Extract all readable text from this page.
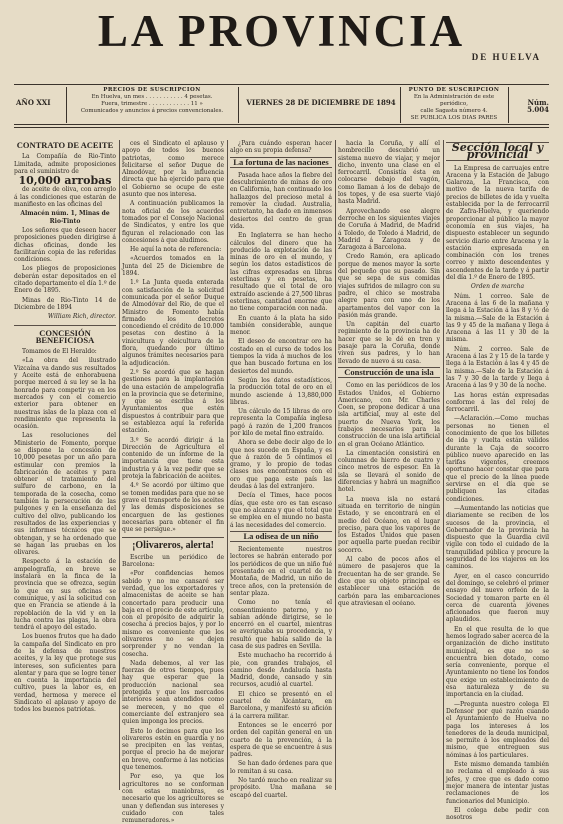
LA PROVINCIA
DE HUELVA
AÑO XXI
PRECIOS DE SUSCRIPCION
En Huelva, un mes . . . . . . . . . . . 4 pesetas.
Fuera, trimestre . . . . . . . . . . . . 11 »
Comunicados y anuncios á precios convencionales.
VIERNES 28 DE DICIEMBRE DE 1894
PUNTO DE SUSCRIPCION
En la Administración de este periódico,
calle Sagasta número 4.
SE PUBLICA LOS DIAS PARES
Núm. 5.004
CONTRATO DE ACEITE

La Compañía de Rio-Tinto Limitada, admite proposiciones para el suministro de

10,000 arrobas

de aceite de oliva, con arreglo á las condiciones que estarán de manifiesto en las oficinas del

Almacén núm. 1, Minas de Rio-Tinto

Los señores que deseen hacer proposiciones pueden dirigirse á dichas oficinas, donde les facilitarán copia de las referidas condiciones.

Los pliegos de proposiciones deberán estar depositados en el citado departamento el día 1.º de Enero de 1895.

Minas de Rio-Tinto 14 de Diciembre de 1894

William Rich, director.
CONCESIÓN BENEFICIOSA

Tomamos de El Heraldo:

«La obra del ilustrado Vizcaína va dando sus resultados y Aceite está de enhorabuena porque merced á su ley se la ha honrado para competir ya en los mercados y con el comercio exterior para obtener en nuestras islas de la plaza con el rendimiento que representa la ocasión.

Las resoluciones del Ministerio de Fomento, porque se dispone la concesión de 10,000 pesetas por un año para estimular con premios la fabricación de aceites y para obtener el tratamiento del sulfuro de carbono, en la temporada de la cosecha, como también la persecución de las pulgones y en la enseñanza del cultivo del olivo, publicando los resultados de las experiencias y sus informes técnicos que se obtengan, y se ha ordenado que se hagan las pruebas en los olivares.

Respecto á la estación de ampelografía, en breve se instalará en la finca de la provincia que se ofrezca, según lo que en sus oficinas se comunique, y así la solicitud con que en Francia se atiende á la repoblación de la vid y en la lucha contra las plagas, la obra tendrá el apoyo del estado.

Los buenos frutos que ha dado la campaña del Sindicato en pro de la defensa de nuestros aceites, y la ley que protege sus intereses, son suficientes para alentar y para que se logre tener en cuenta la importancia del cultivo, pues la labor es, en verdad, hermosa y merece el Sindicato el aplauso y apoyo de todos los buenos patriotas.

ces el Sindicato el aplauso y apoyo de todos los buenos patriotas, como merece felicitarse el señor Duque de Almodóvar, por la influencia directa que ha ejercido para que el Gobierno se ocupe de este asunto que nos interesa.

A continuación publicamos la nota oficial de los acuerdos tomados por el Consejo Nacional de Sindicatos, y entre los que figuran el relacionado con las concesiones á que aludimos.

He aquí la nota de referencia:

«Acuerdos tomados en la Junta del 25 de Diciembre de 1894.

1.º La Junta queda enterada con satisfacción de la solicitud comunicada por el señor Duque de Almodóvar del Rio, de que el Ministro de Fomento había firmado los decretos concediendo el crédito de 10.000 pesetas con destino á la vinicultura y oleicultura de la flora, quedando por último algunos trámites necesarios para la adjudicación.

2.º Se acordó que se hagan gestiones para la implantación de una estación de ampelografía en la provincia que se determine, y que se escriba á los Ayuntamientos que estén dispuestos á contribuir para que se establezca aquí la referida estación.

3.º Se acordó dirigir á la Dirección de Agricultura el contenido de un informe de la importancia que tiene esta industria y á la vez pedir que se proteja la fabricación de aceites.

4.º Se acordó por último que se tomen medidas para que no se grave el transporte de los aceites y las demás disposiciones se encarguen de las gestiones necesarias para obtener el fin que se persigue.»

¡Olivareros, alerta!

Escribe un periódico de Barcelona:

«Por confidencias hemos sabido y no me cansaré ser verdad, que los exportadores y almacenistas de aceite se han concertado para producir una baja en el precio de este artículo, con el propósito de adquirir la cosecha á precios bajos, y por lo mismo es conveniente que los olivareros no se dejen sorprender y no vendan la cosecha.

Nada debemos, al ver las fuerzas de otros tiempos, pues hay que esperar que la producción nacional sea protegida y que los mercados interiores sean atendidos como se merecen, y no que el comerciante del extranjero sea quien imponga los precios.

Esto lo decimos para que los olivareros estén en guardia y no se precipiten en las ventas, porque el precio ha de mejorar en breve, conforme á las noticias que tenemos.

Por eso, ya que los agricultores no se conforman con estas maniobras, es necesario que los agricultores se unan y defiendan sus intereses y cuidado con tales remuneradores.»

¿Para cuándo esperan hacer algo en su propia defensa?

La fortuna de las naciones

Pasada hace años la fiebre del descubrimiento de minas de oro en California, han continuado los hallazgos del precioso metal á remover la ciudad. Australia, entretanto, ha dado en inmensos desiertos del centro de gran vida.

En Inglaterra se han hecho cálculos del dinero que ha producido la explotación de las minas de oro en el mundo, y según los datos estadísticos de las cifras expresadas en libras esterlinas y en pesetas, ha resultado que el total de oro extraído asciende á 27,500 libras esterlinas, cantidad enorme que no tiene comparación con nada.

En cuanto á la plata ha sido también considerable, aunque menor.

El deseo de encontrar oro ha costado en el curso de todos los tiempos la vida á muchos de los que han buscado fortuna en los desiertos del mundo.

Según los datos estadísticos, la producción total de oro en el mundo asciende á 13,880,000 libras.

Un cálculo de 15 libras de oro representa la Compañía inglesa pagó á razón de 1,200 francos por kilo de metal fino extraído.

Ahora se debe decir algo de lo que nos sucede en España, y es que á razón de 5 céntimos el gramo, y lo propio de todas clases nos encontramos con el oro que paga este país las deudas á las del extranjero.

Decía el Times, hace pocos días, que este oro es tan escaso que no alcanza y que el total que se emplea en el mundo no basta á las necesidades del comercio.

La odisea de un niño

Recientemente nuestros lectores se habrán enterado por los periódicos de que un niño fué presentado en el cuartel de la Montaña, de Madrid, un niño de trece años, con la pretensión de sentar plaza.

Como no tenía el consentimiento paterno, y no sabían adónde dirigirse, se le encerró en el cuartel, mientras se averiguaba su procedencia, y resultó que había salido de la casa de sus padres en Sevilla.

Este muchacho ha recorrido á pie, con grandes trabajos, el camino desde Andalucía hasta Madrid, donde, cansado y sin recursos, acudió al cuartel.

El chico se presentó en el cuartel de Alcántara, en Barcelona, y manifestó su afición á la carrera militar.

Entonces se le encerró por orden del capitán general en un cuarto de la prevención, á la espera de que se encuentre á sus padres.

Se han dado órdenes para que lo remitan á su casa.

No tardó mucho en realizar su propósito. Una mañana se escapó del cuartel.

hacia la Coruña, y allí el hombrecillo descubrió un sistema nuevo de viajar, y mejor dicho, invento una clase en el ferrocarril. Consistía ésta en colocarse debajo del vagón, como llaman á los de debajo de los topes, y de esa suerte viajó hasta Madrid.

Aprovechando ese alegre derroche en los siguientes viajes de Coruña á Madrid, de Madrid á Toledo, de Toledo á Madrid, de Madrid á Zaragoza y de Zaragoza á Barcelona.

Credo Ramón, era aplicado porque de menos mayor la sorte del pequeño que su pasado. Sin que se sepa de sus comidas viajes sufridos de milagro con su padre, el chico se mostraba alegre para con uno de los apartamentos del vapor con la pasión más grande.

Un capitán del cuarto regimiento de la provincia ha de hacer que se le dé en tren y pasaje para la Coruña, donde viven sus padres, y lo han llevado de nuevo á su casa.

Construcción de una isla

Como en las periódicos de los Estados Unidos, el Gobierno Americano, con Mr. Charles Coen, se propone dedicar á una isla artificial, muy al este del puerto de Nueva York, los trabajos necesarios para la construcción de una isla artificial en el gran Océano Atlántico.

La cimentación consistirá en columnas de hierro de cuatro y cinco metros de espesor. En la isla se llevará el sonido de diferencias y habrá un magnífico hotel.

La nueva isla no estará situada en territorio de ningún Estado, y se encontrará en el medio del Océano, en el lugar preciso, para que los vapores de los Estados Unidos que pasen por aquella parte puedan recibir socorro.

Al cabo de pocos años el número de pasajeros que la frecuentan ha de ser grande. Se dice que su objeto principal es establecer una estación de carbón para las embarcaciones que atraviesan el océano.

Sección local y provincial

La Empresa de carruajes entre Aracena y la Estación de Jabugo Galaroza, La Francisca, con motivo de la nueva tarifa de precios de billetes de ida y vuelta establecida por la de ferrocarril de Zafra-Huelva, y queriendo proporcionar al público la mayor economía en sus viajes, ha dispuesto establecer un segundo servicio diario entre Aracena y la estación expresada en combinación con los trenes correo y mixto descendentes y ascendentes de la tarde y á partir del día 1.º de Enero de 1895.

Orden de marcha

Núm. 1 correo. Sale de Aracena á las 6 de la mañana y llega á la Estación á las 8 y ½ de la misma.—Sale de la Estación á las 9 y 45 de la mañana y llega á Aracena á las 11 y 30 de la misma.

Núm. 2 correo. Sale de Aracena á las 2 y 15 de la tarde y llega á la Estación á las 4 y 45 de la misma.—Sale de la Estación á las 7 y 30 de la tarde y llega á Aracena á las 9 y 30 de la noche.

Las horas están expresadas conforme á las del reloj de ferrocarril.

—Aclaración.—Como muchas personas no tienen el conocimiento de que los billetes de ida y vuelta están válidos durante la Caja de socorro público nuevo aparecido en las tarifas vigentes, creemos oportuno hacer constar que para que el precio de la línea puede servirse en el día que se publiquen las citadas condiciones.

—Aumentando las noticias que diariamente se reciben de los sucesos de la provincia, el Gobernador de la provincia ha dispuesto que la Guardia civil vigile con todo el cuidado de la tranquilidad pública y procure la seguridad de los viajeros en los caminos.

Ayer, en el casco concurrido del domingo, se celebró el primer ensayo del nuevo orfeón de la Sociedad y tomaron parte en él cerca de cuarenta jóvenes aficionados que fueron muy aplaudidos.

En el que resulta de lo que hemos logrado saber acerca de la organización de dicho instituto municipal, es que no se encuentra bien dotado, como sería conveniente, porque el Ayuntamiento no tiene los fondos que exige un establecimiento de esa naturaleza y de su importancia en la ciudad.

—Pregunta nuestro colega El Defensor por qué razón cuando el Ayuntamiento de Huelva no paga los intereses á los tenedores de la deuda municipal, se permite á los empleados del mismo, que entreguen sus nóminas á los particulares.

Este mismo demanda también no reclama el empleado á sus jefes, y cree que es dado como mejor manera de intentar justas reclamaciones de los funcionarios del Municipio.

El colega debe pedir con nosotros
